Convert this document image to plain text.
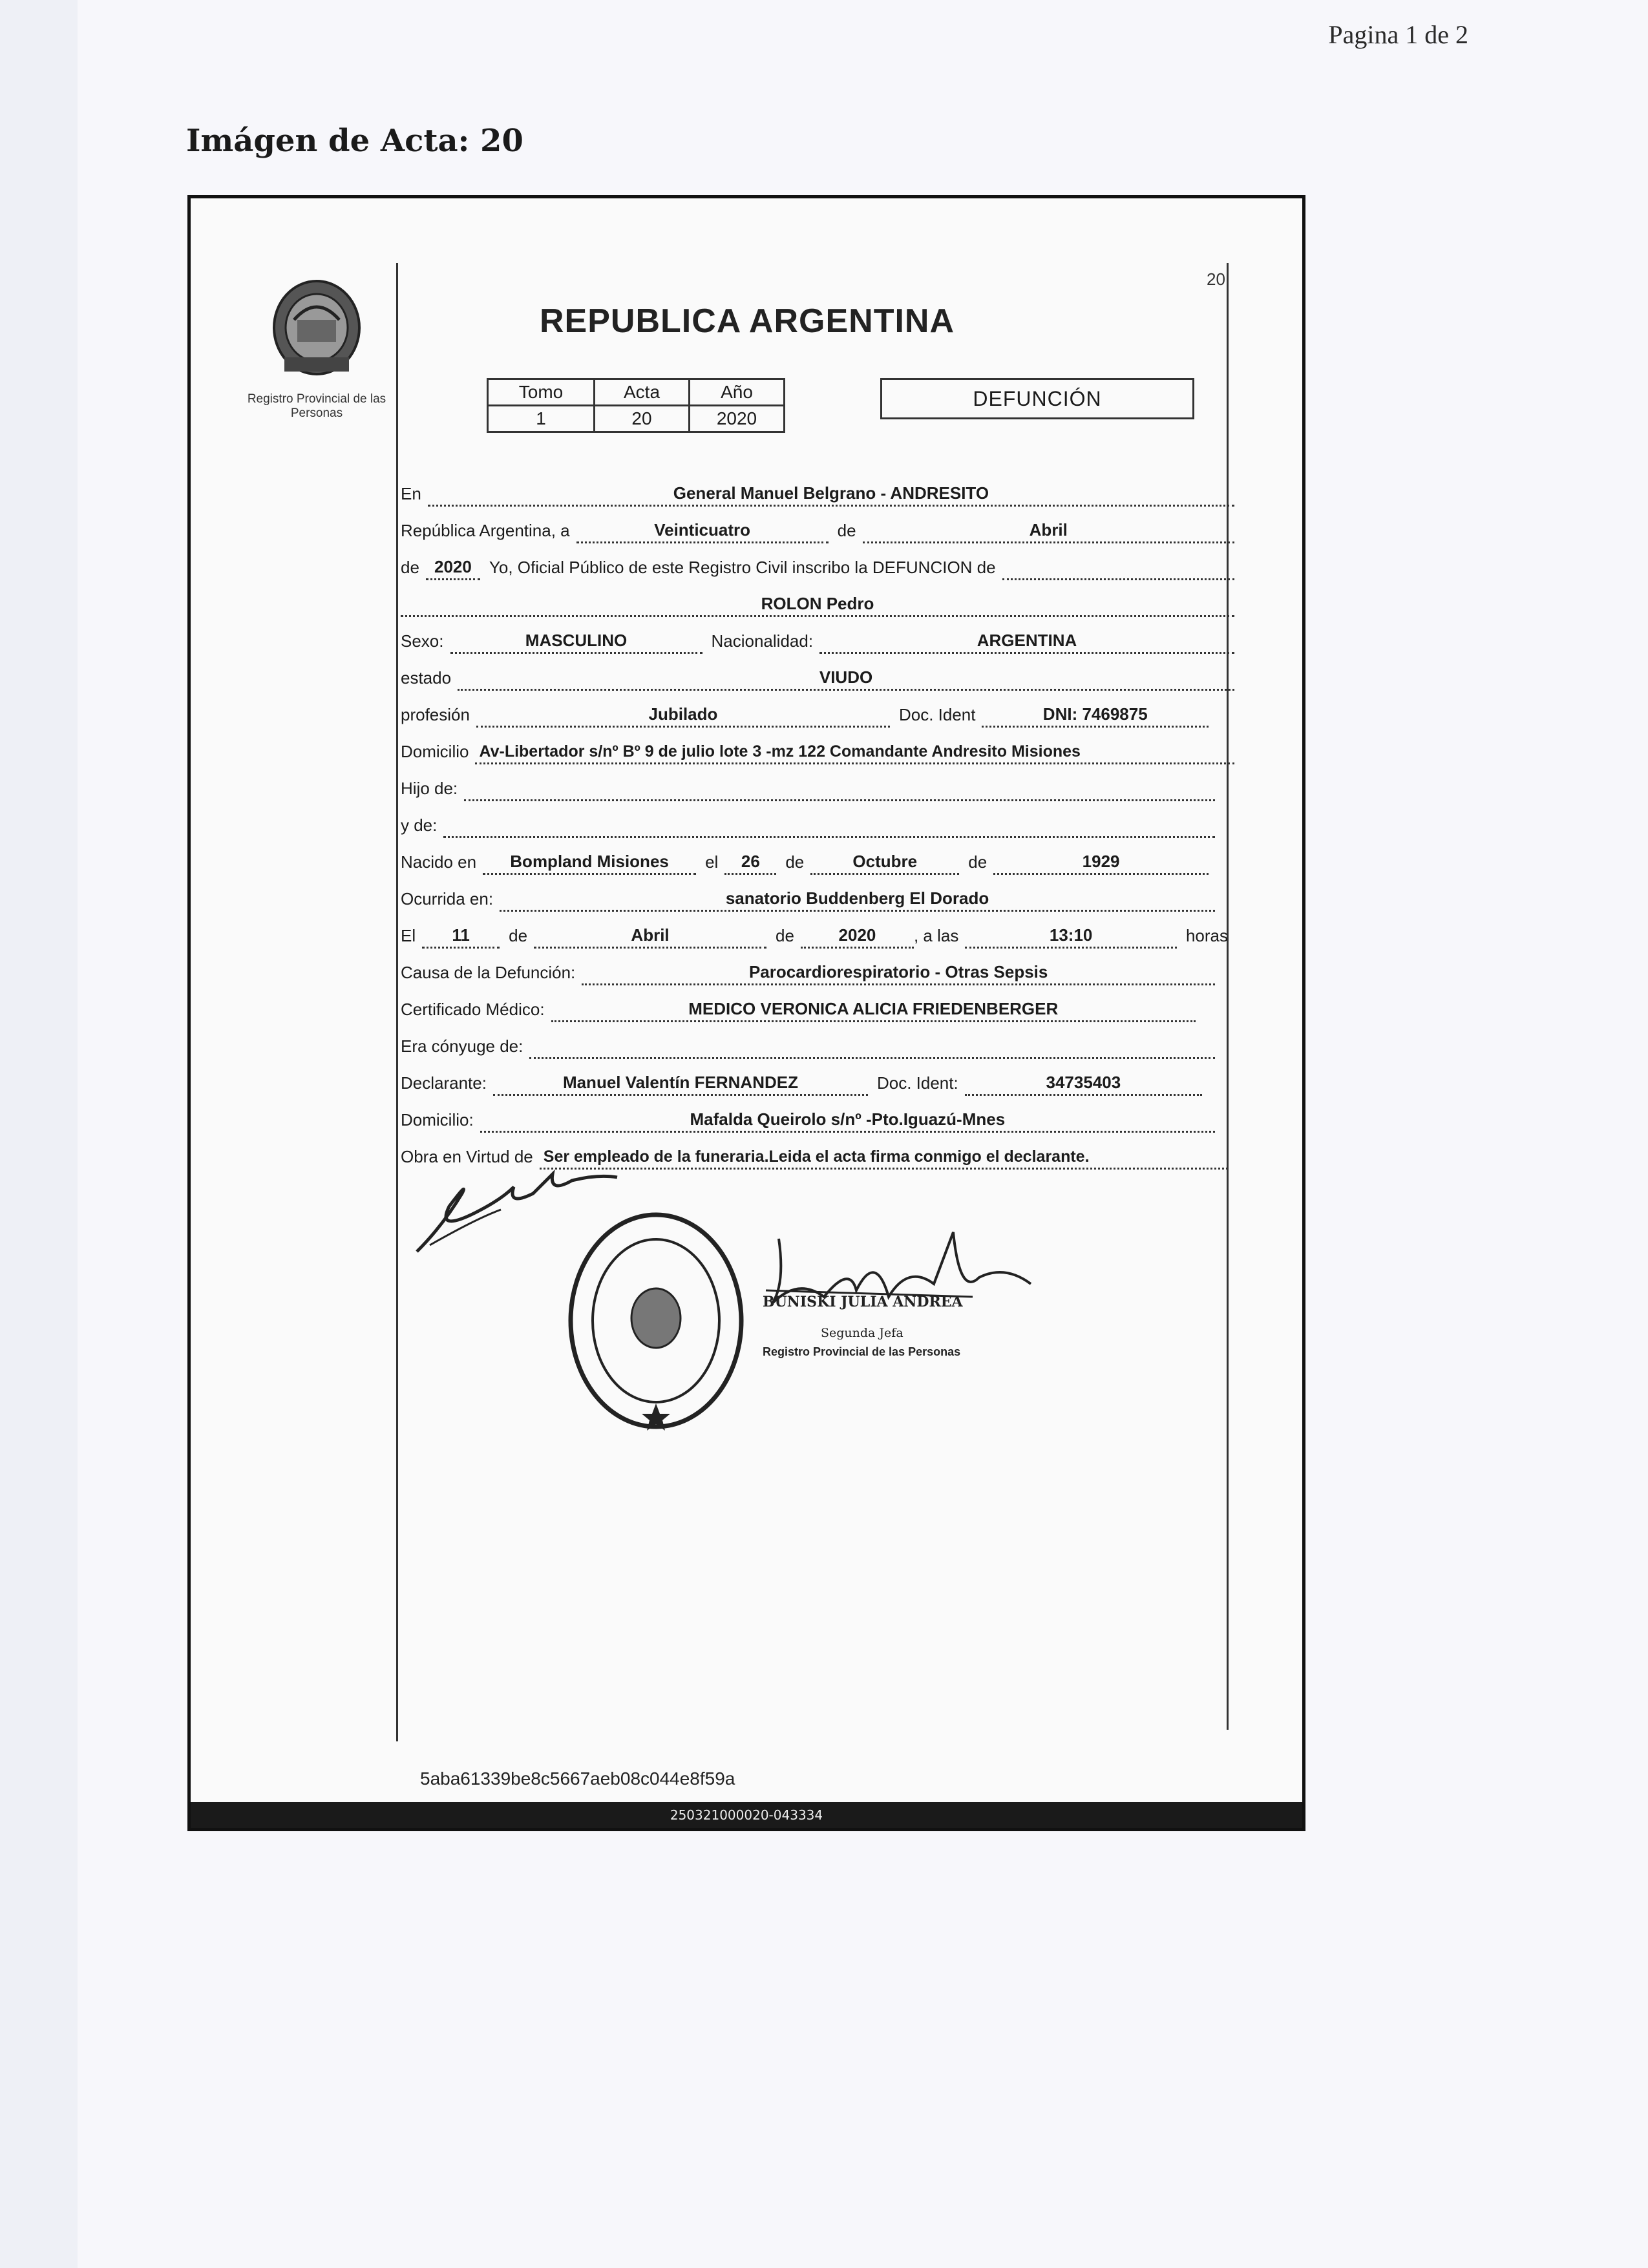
Pagina 1 de 2
Imágen de Acta: 20
20
Registro Provincial de las Personas
REPUBLICA ARGENTINA
Tomo	Acta	Año
1	20	2020
DEFUNCIÓN
En	General Manuel Belgrano - ANDRESITO
República Argentina, a	Veinticuatro	de	Abril
de 2020	Yo, Oficial Público de este Registro Civil inscribo la DEFUNCION de
ROLON Pedro
Sexo:	MASCULINO	Nacionalidad:	ARGENTINA
estado	VIUDO
profesión	Jubilado	Doc. Ident	DNI: 7469875
Domicilio Av-Libertador s/nº Bº 9 de julio lote 3 -mz 122 Comandante Andresito Misiones
Hijo de:
y de:
Nacido en	Bompland Misiones	el	26	de	Octubre	de	1929
Ocurrida en:	sanatorio Buddenberg El Dorado
El	11	de	Abril	de	2020	, a las	13:10	horas
Causa de la Defunción:	Parocardiorespiratorio - Otras Sepsis
Certificado Médico:	MEDICO VERONICA ALICIA FRIEDENBERGER
Era cónyuge de:
Declarante:	Manuel Valentín FERNANDEZ	Doc. Ident:	34735403
Domicilio:	Mafalda Queirolo s/nº -Pto.Iguazú-Mnes
Obra en Virtud de Ser empleado de la funeraria.Leida el acta firma conmigo el declarante.
BUNISKI JULIA ANDREA
Segunda Jefa
Registro Provincial de las Personas
5aba61339be8c5667aeb08c044e8f59a
250321000020-043334
